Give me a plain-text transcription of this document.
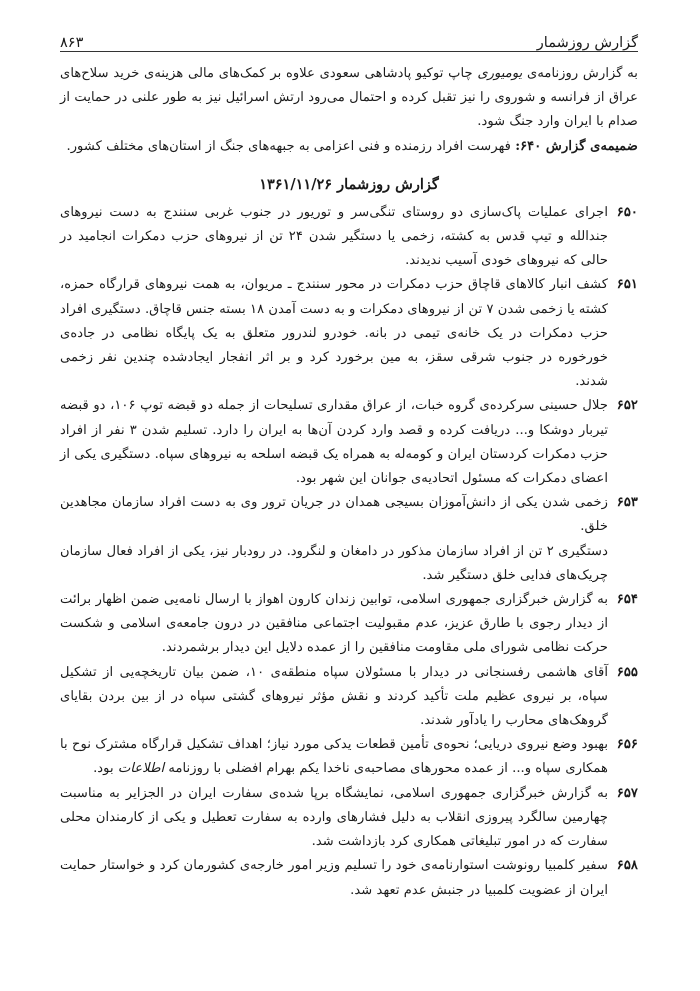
گزارش روزشمار
۸۶۳

به گزارش روزنامه‌ی یومیوری چاپ توکیو پادشاهی سعودی علاوه بر کمک‌های مالی هزینه‌ی خرید سلاح‌های عراق از فرانسه و شوروی را نیز تقبل کرده و احتمال می‌رود ارتش اسرائیل نیز به طور علنی در حمایت از صدام با ایران وارد جنگ شود.

ضمیمه‌ی گزارش ۶۴۰: فهرست افراد رزمنده و فنی اعزامی به جبهه‌های جنگ از استان‌های مختلف کشور.

گزارش روزشمار ۱۳۶۱/۱۱/۲۶
۶۵۰

اجرای عملیات پاک‌سازی دو روستای تنگی‌سر و توریور در جنوب غربی سنندج به دست نیروهای جندالله و تیپ قدس به کشته، زخمی یا دستگیر شدن ۲۴ تن از نیروهای حزب دمکرات انجامید در حالی که نیروهای خودی آسیب ندیدند.

۶۵۱

کشف انبار کالاهای قاچاق حزب دمکرات در محور سنندج ـ مریوان، به همت نیروهای قرارگاه حمزه، کشته یا زخمی شدن ۷ تن از نیروهای دمکرات و به دست آمدن ۱۸ بسته جنس قاچاق. دستگیری افراد حزب دمکرات در یک خانه‌ی تیمی در بانه. خودرو لندرور متعلق به یک پایگاه نظامی در جاده‌ی خورخوره در جنوب شرقی سقز، به مین برخورد کرد و بر اثر انفجار ایجادشده چندین نفر زخمی شدند.

۶۵۲

جلال حسینی سرکرده‌ی گروه خبات، از عراق مقداری تسلیحات از جمله دو قبضه توپ ۱۰۶، دو قبضه تیربار دوشکا و... دریافت کرده و قصد وارد کردن آن‌ها به ایران را دارد. تسلیم شدن ۳ نفر از افراد حزب دمکرات کردستان ایران و کومه‌له به همراه یک قبضه اسلحه به نیروهای سپاه. دستگیری یکی از اعضای دمکرات که مسئول اتحادیه‌ی جوانان این شهر بود.

۶۵۳

زخمی شدن یکی از دانش‌آموزان بسیجی همدان در جریان ترور وی به دست افراد سازمان مجاهدین خلق.

دستگیری ۲ تن از افراد سازمان مذکور در دامغان و لنگرود. در رودبار نیز، یکی از افراد فعال سازمان چریک‌های فدایی خلق دستگیر شد.

۶۵۴

به گزارش خبرگزاری جمهوری اسلامی، توابین زندان کارون اهواز با ارسال نامه‌یی ضمن اظهار برائت از دیدار رجوی با طارق عزیز، عدم مقبولیت اجتماعی منافقین در درون جامعه‌ی اسلامی و شکست حرکت نظامی شورای ملی مقاومت منافقین را از عمده دلایل این دیدار برشمردند.

۶۵۵

آقای هاشمی رفسنجانی در دیدار با مسئولان سپاه منطقه‌ی ۱۰، ضمن بیان تاریخچه‌یی از تشکیل سپاه، بر نیروی عظیم ملت تأکید کردند و نقش مؤثر نیروهای گشتی سپاه در از بین بردن بقایای گروهک‌های محارب را یادآور شدند.

۶۵۶

بهبود وضع نیروی دریایی؛ نحوه‌ی تأمین قطعات یدکی مورد نیاز؛ اهداف تشکیل قرارگاه مشترک نوح با همکاری سپاه و... از عمده محورهای مصاحبه‌ی ناخدا یکم بهرام افضلی با روزنامه اطلاعات بود.

۶۵۷

به گزارش خبرگزاری جمهوری اسلامی، نمایشگاه برپا شده‌ی سفارت ایران در الجزایر به مناسبت چهارمین سالگرد پیروزی انقلاب به دلیل فشارهای وارده به سفارت تعطیل و یکی از کارمندان محلی سفارت که در امور تبلیغاتی همکاری کرد بازداشت شد.

۶۵۸

سفیر کلمبیا رونوشت استوارنامه‌ی خود را تسلیم وزیر امور خارجه‌ی کشورمان کرد و خواستار حمایت ایران از عضویت کلمبیا در جنبش عدم تعهد شد.
